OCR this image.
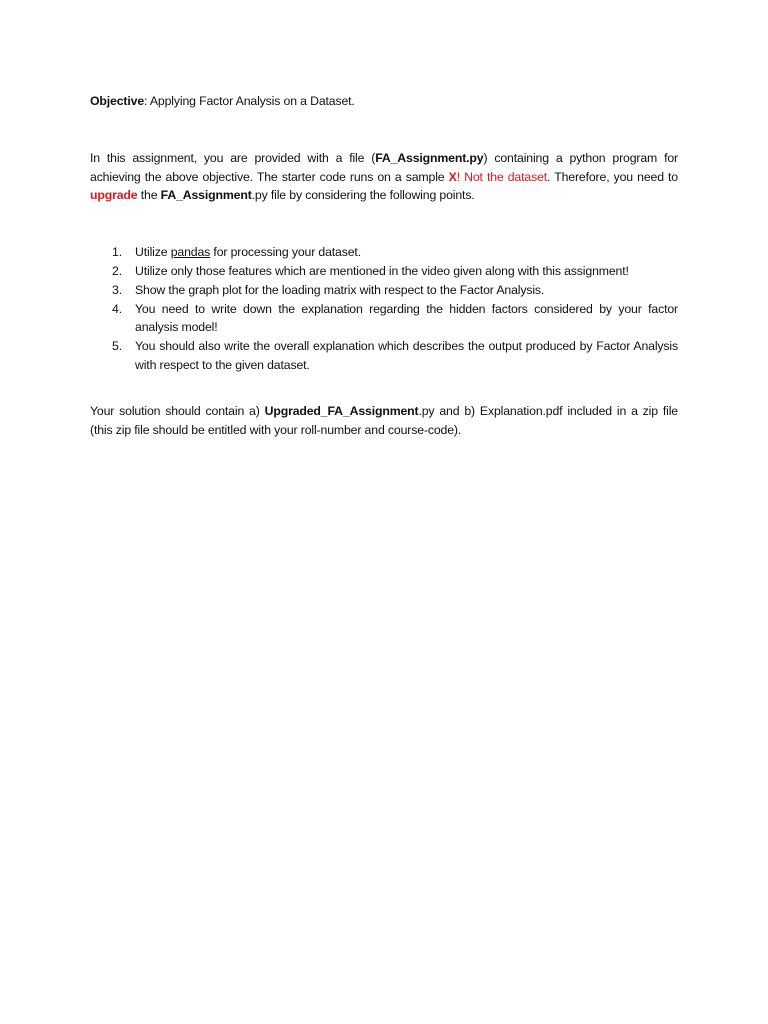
Objective: Applying Factor Analysis on a Dataset.

In this assignment, you are provided with a file (FA_Assignment.py) containing a python program for achieving the above objective. The starter code runs on a sample X! Not the dataset. Therefore, you need to upgrade the FA_Assignment.py file by considering the following points.

1. Utilize pandas for processing your dataset.
2. Utilize only those features which are mentioned in the video given along with this assignment!
3. Show the graph plot for the loading matrix with respect to the Factor Analysis.
4. You need to write down the explanation regarding the hidden factors considered by your factor analysis model!
5. You should also write the overall explanation which describes the output produced by Factor Analysis with respect to the given dataset.

Your solution should contain a) Upgraded_FA_Assignment.py and b) Explanation.pdf included in a zip file (this zip file should be entitled with your roll-number and course-code).
